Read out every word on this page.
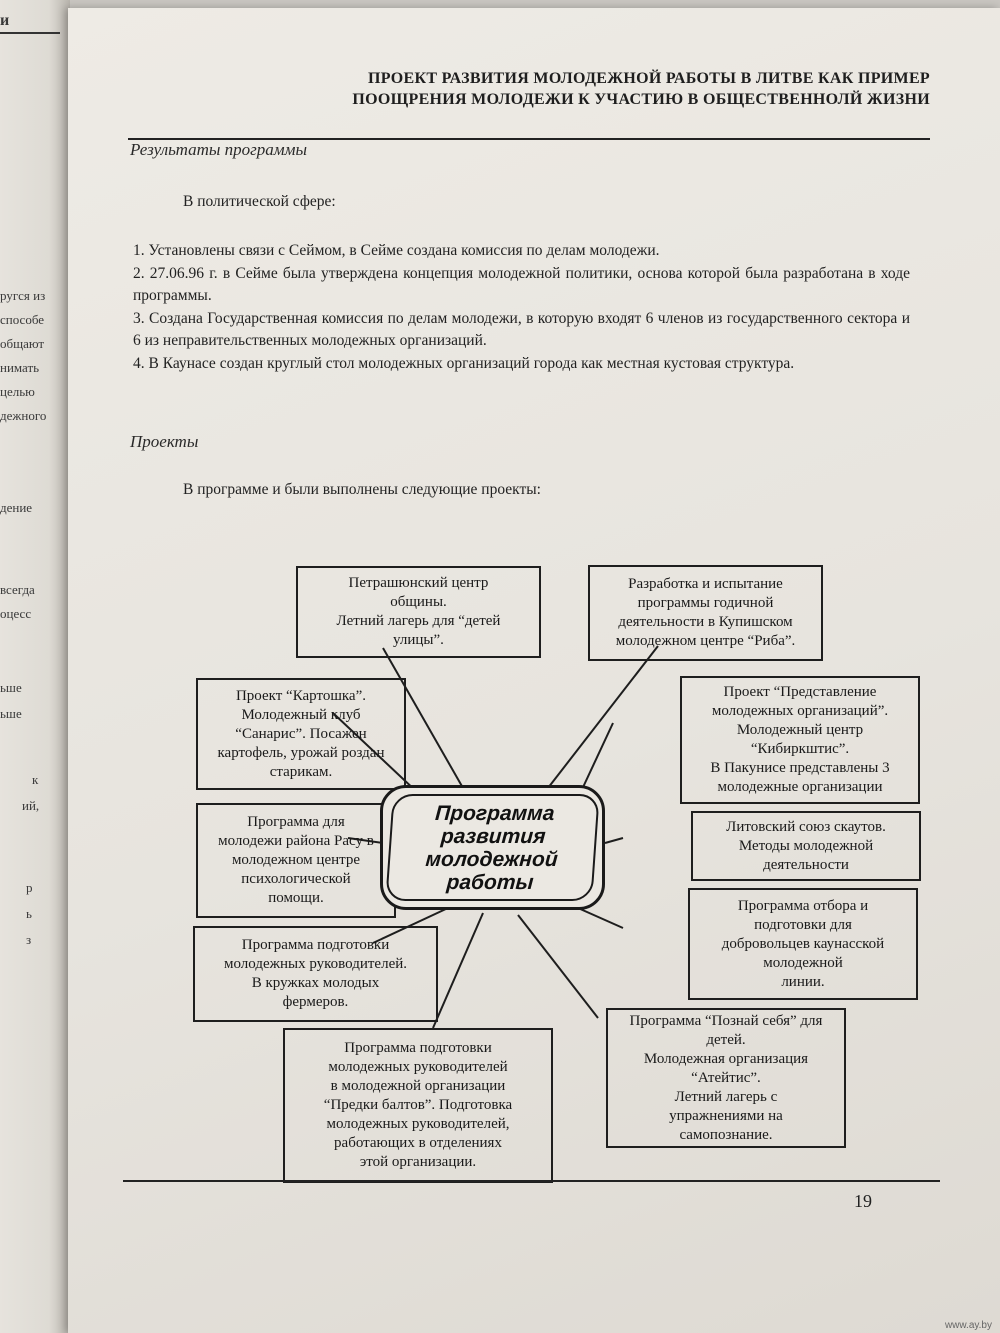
и
ругся из
способе
общают
нимать
целью
дежного
дение
всегда
оцесс
ьше
ьше
к
ий,
р
ь
з
ПРОЕКТ РАЗВИТИЯ МОЛОДЕЖНОЙ РАБОТЫ В ЛИТВЕ КАК ПРИМЕР
ПООЩРЕНИЯ МОЛОДЕЖИ К УЧАСТИЮ В ОБЩЕСТВЕННОЛЙ ЖИЗНИ
Результаты программы
В политической сфере:

1. Установлены связи с Сеймом, в Сейме создана комиссия по делам молодежи.

2. 27.06.96 г. в Сейме была утверждена концепция молодежной политики, основа которой была разработана в ходе программы.

3. Создана Государственная комиссия по делам молодежи, в которую входят 6 членов из государственного сектора и 6 из неправительственных молодежных организаций.

4. В Каунасе создан круглый стол молодежных организаций города как местная кустовая структура.

Проекты
В программе и были выполнены следующие проекты:
Петрашюнский центр
общины.
Летний лагерь для “детей
улицы”.
Разработка и испытание
программы годичной
деятельности в Купишском
молодежном центре “Риба”.
Проект “Картошка”.
Молодежный клуб
“Санарис”. Посажен
картофель, урожай роздан
старикам.
Проект “Представление
молодежных организаций”.
Молодежный центр
“Кибиркштис”.
В Пакунисе представлены 3
молодежные организации
Программа для
молодежи района Расу в
молодежном центре
психологической
помощи.
Литовский союз скаутов.
Методы молодежной
деятельности
Программа подготовки
молодежных руководителей.
В кружках молодых
фермеров.
Программа отбора и
подготовки для
добровольцев каунасской
молодежной
линии.
Программа подготовки
молодежных руководителей
в молодежной организации
“Предки балтов”. Подготовка
молодежных руководителей,
работающих в отделениях
этой организации.
Программа “Познай себя” для
детей.
Молодежная организация
“Атейтис”.
Летний лагерь с
упражнениями на
самопознание.
Программа
развития
молодежной
работы
19
www.ay.by
